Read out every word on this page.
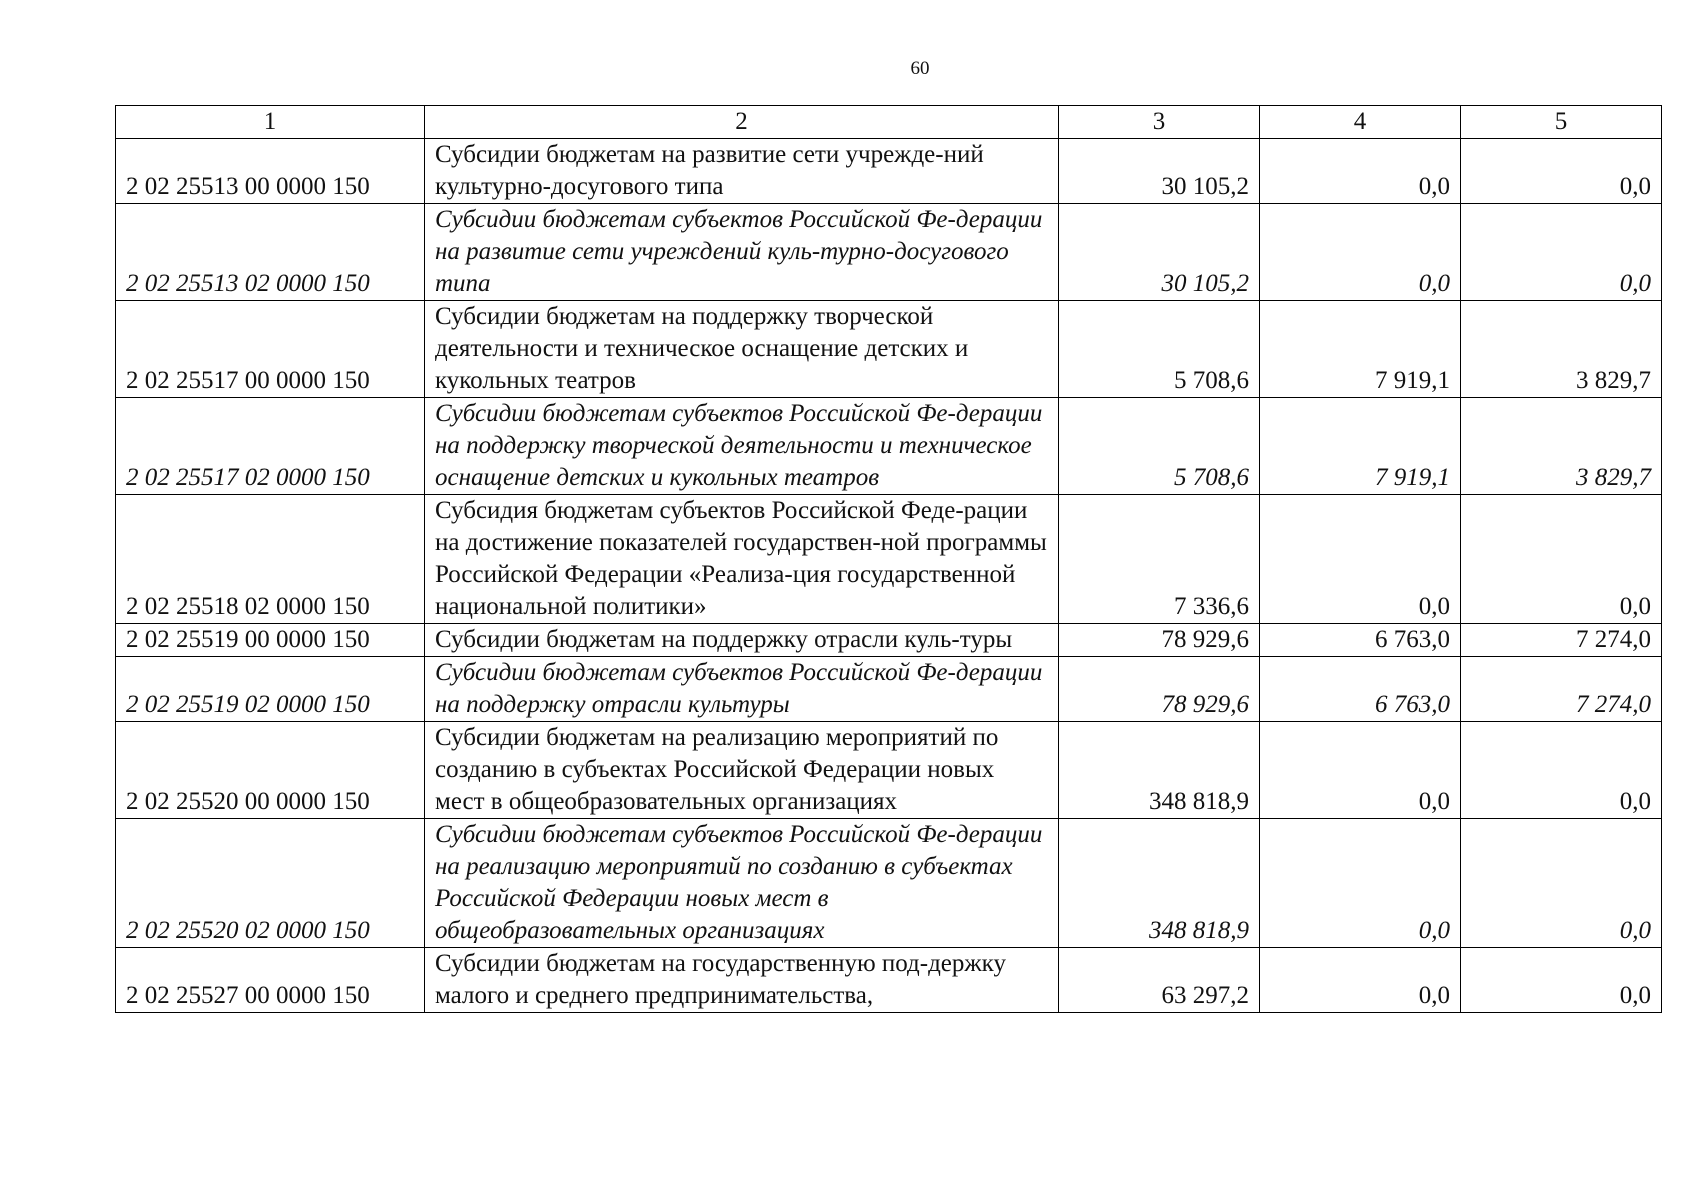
60
1	2	3	4	5
2 02 25513 00 0000 150	Субсидии бюджетам на развитие сети учрежде-ний культурно-досугового типа	30 105,2	0,0	0,0
2 02 25513 02 0000 150	Субсидии бюджетам субъектов Российской Фе-дерации на развитие сети учреждений куль-турно-досугового типа	30 105,2	0,0	0,0
2 02 25517 00 0000 150	Субсидии бюджетам на поддержку творческой деятельности и техническое оснащение детских и кукольных театров	5 708,6	7 919,1	3 829,7
2 02 25517 02 0000 150	Субсидии бюджетам субъектов Российской Фе-дерации на поддержку творческой деятельности и техническое оснащение детских и кукольных театров	5 708,6	7 919,1	3 829,7
2 02 25518 02 0000 150	Субсидия бюджетам субъектов Российской Феде-рации на достижение показателей государствен-ной программы Российской Федерации «Реализа-ция государственной национальной политики»	7 336,6	0,0	0,0
2 02 25519 00 0000 150	Субсидии бюджетам на поддержку отрасли куль-туры	78 929,6	6 763,0	7 274,0
2 02 25519 02 0000 150	Субсидии бюджетам субъектов Российской Фе-дерации на поддержку отрасли культуры	78 929,6	6 763,0	7 274,0
2 02 25520 00 0000 150	Субсидии бюджетам на реализацию мероприятий по созданию в субъектах Российской Федерации новых мест в общеобразовательных организациях	348 818,9	0,0	0,0
2 02 25520 02 0000 150	Субсидии бюджетам субъектов Российской Фе-дерации на реализацию мероприятий по созданию в субъектах Российской Федерации новых мест в общеобразовательных организациях	348 818,9	0,0	0,0
2 02 25527 00 0000 150	Субсидии бюджетам на государственную под-держку малого и среднего предпринимательства,	63 297,2	0,0	0,0
